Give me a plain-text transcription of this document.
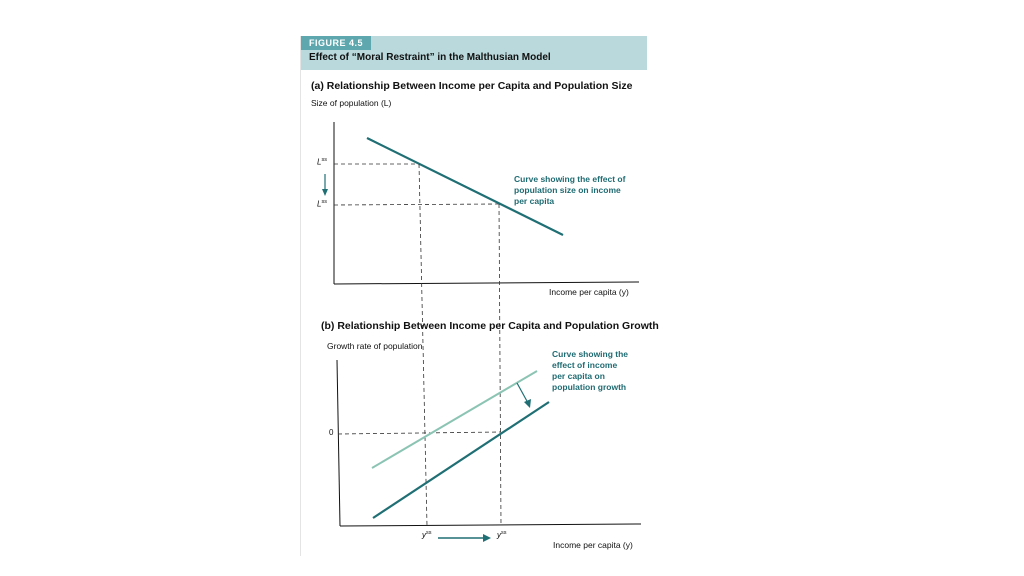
FIGURE 4.5
Effect of “Moral Restraint” in the Malthusian Model
(a) Relationship Between Income per Capita and Population Size
Size of population (L)
Income per capita (y)
$L^{ss}$
$L^{ss}$
Curve showing the effect of population size on income per capita
(b) Relationship Between Income per Capita and Population Growth
Growth rate of population
Income per capita (y)
0
$y^{ss}$	$y^{ss}$
Curve showing the effect of income per capita on population growth
